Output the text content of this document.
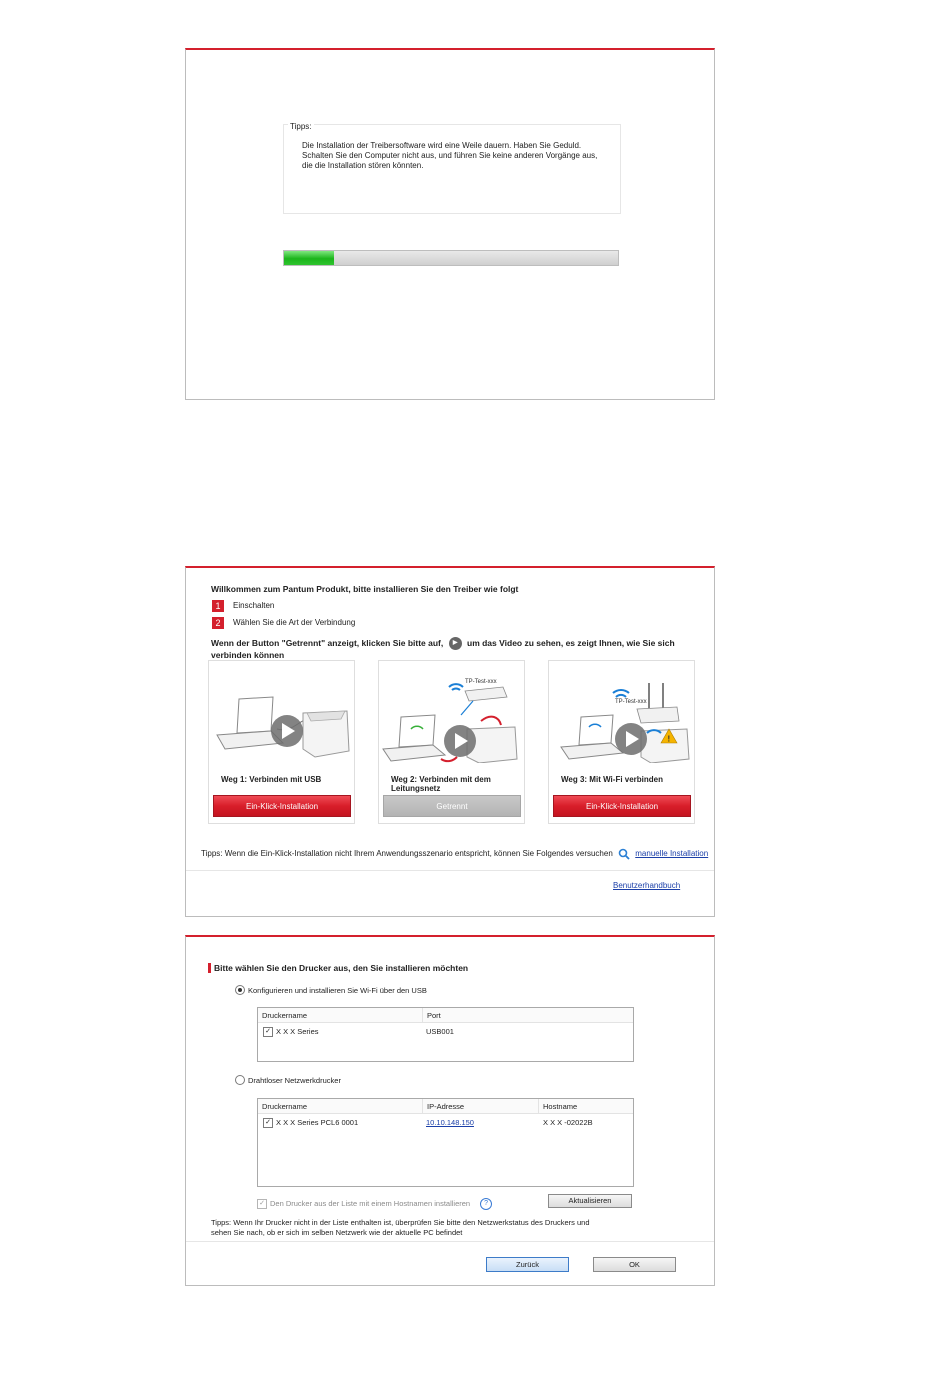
Tipps:
Die Installation der Treibersoftware wird eine Weile dauern. Haben Sie Geduld.
Schalten Sie den Computer nicht aus, und führen Sie keine anderen Vorgänge aus,
die die Installation stören könnten.
Willkommen zum Pantum Produkt, bitte installieren Sie den Treiber wie folgt
1 Einschalten
2 Wählen Sie die Art der Verbindung
Wenn der Button "Getrennt" anzeigt, klicken Sie bitte auf, ▶ um das Video zu sehen, es zeigt Ihnen, wie Sie sich verbinden können
Weg 1: Verbinden mit USB
Ein-Klick-Installation
TP-Test-xxx
Weg 2: Verbinden mit dem Leitungsnetz
Getrennt
TP-Test-xxx
!
Weg 3: Mit Wi-Fi verbinden
Ein-Klick-Installation
Tipps: Wenn die Ein-Klick-Installation nicht Ihrem Anwendungsszenario entspricht, können Sie Folgendes versuchen	manuelle Installation
Benutzerhandbuch
Bitte wählen Sie den Drucker aus, den Sie installieren möchten
Konfigurieren und installieren Sie Wi-Fi über den USB
Druckername	Port
✓ X X X Series	USB001
Drahtloser Netzwerkdrucker
Druckername	IP-Adresse	Hostname
✓ X X X Series PCL6 0001	10.10.148.150	X X X -02022B
✓ Den Drucker aus der Liste mit einem Hostnamen installieren ?	Aktualisieren
Tipps: Wenn Ihr Drucker nicht in der Liste enthalten ist, überprüfen Sie bitte den Netzwerkstatus des Druckers und
sehen Sie nach, ob er sich im selben Netzwerk wie der aktuelle PC befindet
Zurück	OK
